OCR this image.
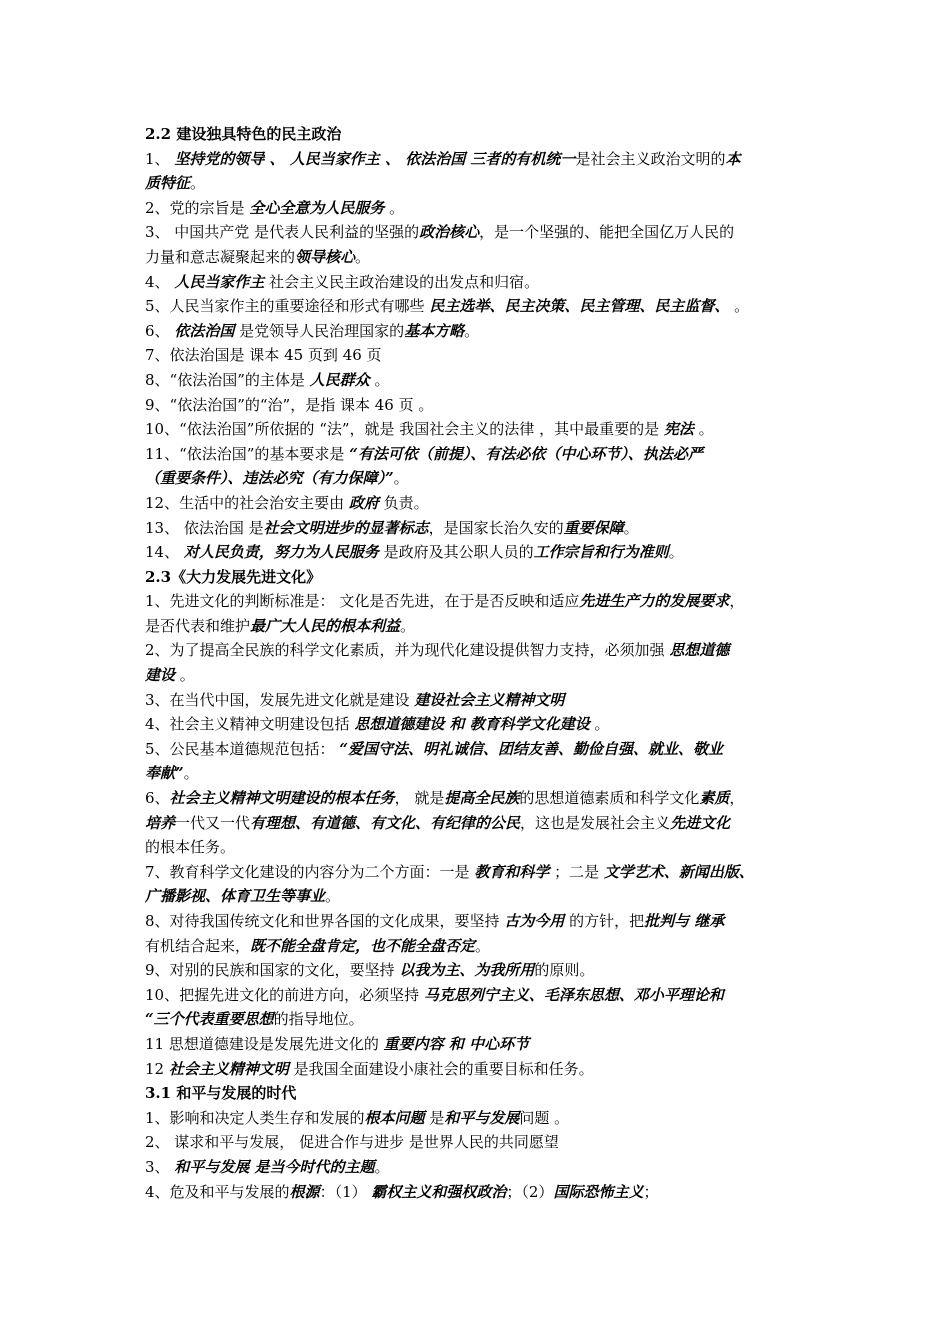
2.2 建设独具特色的民主政治
1、 坚持党的领导 、 人民当家作主 、 依法治国 三者的有机统一是社会主义政治文明的本
质特征。
2、党的宗旨是 全心全意为人民服务 。
3、 中国共产党 是代表人民利益的坚强的政治核心，是一个坚强的、能把全国亿万人民的
力量和意志凝聚起来的领导核心。
4、 人民当家作主 社会主义民主政治建设的出发点和归宿。
5、人民当家作主的重要途径和形式有哪些 民主选举、民主决策、民主管理、民主监督、 。
6、 依法治国 是党领导人民治理国家的基本方略。
7、依法治国是 课本 45 页到 46 页
8、“依法治国”的主体是 人民群众 。
9、“依法治国”的“治”，是指 课本 46 页 。
10、“依法治国”所依据的 “法”，就是 我国社会主义的法律 ，其中最重要的是 宪法 。
11、“依法治国”的基本要求是 “有法可依（前提）、有法必依（中心环节）、执法必严
（重要条件）、违法必究（有力保障）”。
12、生活中的社会治安主要由 政府 负责。
13、 依法治国 是社会文明进步的显著标志，是国家长治久安的重要保障。
14、 对人民负责，努力为人民服务 是政府及其公职人员的工作宗旨和行为准则。
2.3《大力发展先进文化》
1、先进文化的判断标准是： 文化是否先进，在于是否反映和适应先进生产力的发展要求，
是否代表和维护最广大人民的根本利益。
2、为了提高全民族的科学文化素质，并为现代化建设提供智力支持，必须加强 思想道德
建设 。
3、在当代中国，发展先进文化就是建设 建设社会主义精神文明
4、社会主义精神文明建设包括 思想道德建设 和 教育科学文化建设 。
5、公民基本道德规范包括： “爱国守法、明礼诚信、团结友善、勤俭自强、就业、敬业
奉献”。
6、社会主义精神文明建设的根本任务， 就是提高全民族的思想道德素质和科学文化素质，
培养一代又一代有理想、有道德、有文化、有纪律的公民，这也是发展社会主义先进文化
的根本任务。
7、教育科学文化建设的内容分为二个方面：一是 教育和科学 ；二是 文学艺术、新闻出版、
广播影视、体育卫生等事业。
8、对待我国传统文化和世界各国的文化成果，要坚持 古为今用 的方针，把批判与 继承
有机结合起来，既不能全盘肯定，也不能全盘否定。
9、对别的民族和国家的文化，要坚持 以我为主、为我所用的原则。
10、把握先进文化的前进方向，必须坚持 马克思列宁主义、毛泽东思想、邓小平理论和
“三个代表重要思想的指导地位。
11 思想道德建设是发展先进文化的 重要内容 和 中心环节
12 社会主义精神文明 是我国全面建设小康社会的重要目标和任务。
3.1 和平与发展的时代
1、影响和决定人类生存和发展的根本问题 是和平与发展问题 。
2、 谋求和平与发展， 促进合作与进步 是世界人民的共同愿望
3、 和平与发展 是当今时代的主题。
4、危及和平与发展的根源：（1） 霸权主义和强权政治；（2）国际恐怖主义；
